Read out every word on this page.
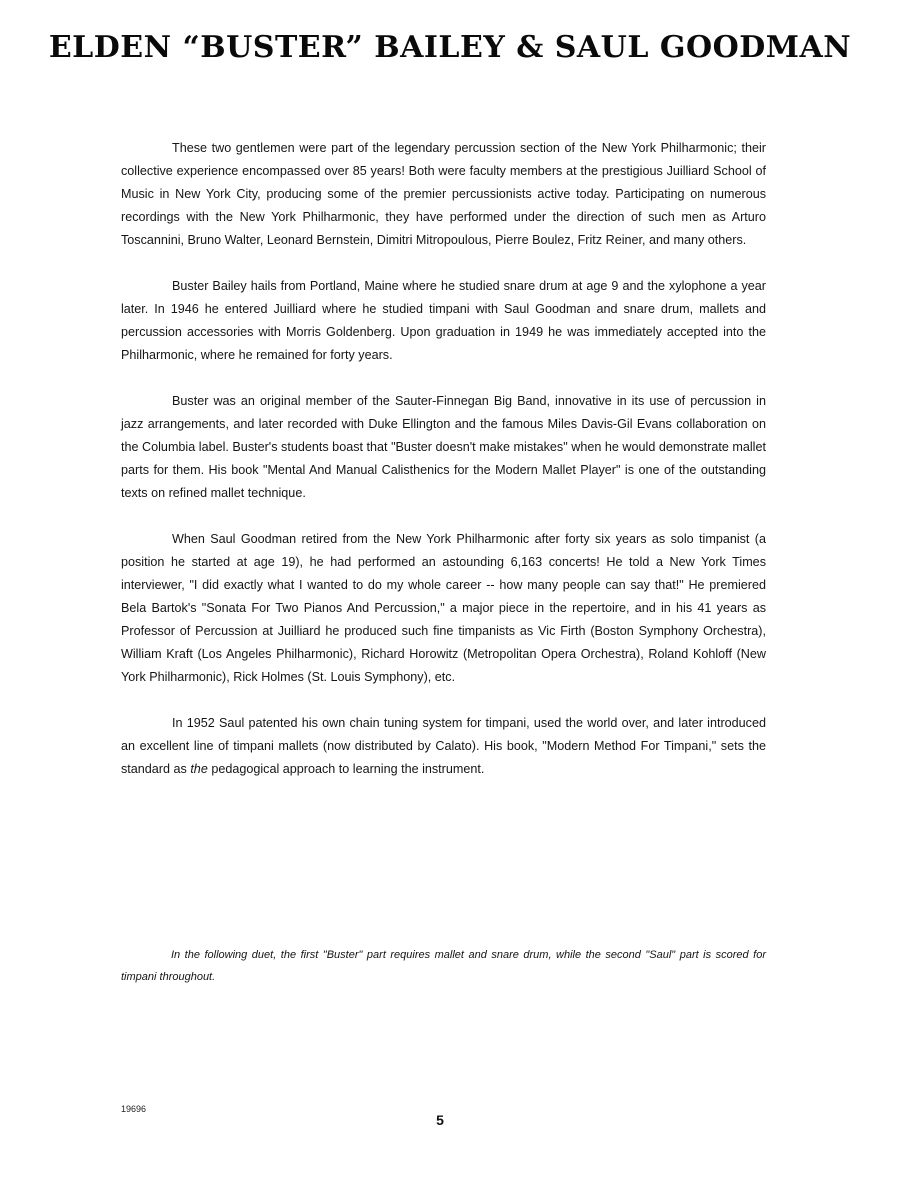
ELDEN “BUSTER” BAILEY & SAUL GOODMAN

These two gentlemen were part of the legendary percussion section of the New York Philharmonic; their collective experience encompassed over 85 years! Both were faculty members at the prestigious Juilliard School of Music in New York City, producing some of the premier percussionists active today. Participating on numerous recordings with the New York Philharmonic, they have performed under the direction of such men as Arturo Toscannini, Bruno Walter, Leonard Bernstein, Dimitri Mitropoulous, Pierre Boulez, Fritz Reiner, and many others.

Buster Bailey hails from Portland, Maine where he studied snare drum at age 9 and the xylophone a year later. In 1946 he entered Juilliard where he studied timpani with Saul Goodman and snare drum, mallets and percussion accessories with Morris Goldenberg. Upon graduation in 1949 he was immediately accepted into the Philharmonic, where he remained for forty years.

Buster was an original member of the Sauter-Finnegan Big Band, innovative in its use of percussion in jazz arrangements, and later recorded with Duke Ellington and the famous Miles Davis-Gil Evans collaboration on the Columbia label. Buster's students boast that "Buster doesn't make mistakes" when he would demonstrate mallet parts for them. His book "Mental And Manual Calisthenics for the Modern Mallet Player" is one of the outstanding texts on refined mallet technique.

When Saul Goodman retired from the New York Philharmonic after forty six years as solo timpanist (a position he started at age 19), he had performed an astounding 6,163 concerts! He told a New York Times interviewer, "I did exactly what I wanted to do my whole career -- how many people can say that!" He premiered Bela Bartok's "Sonata For Two Pianos And Percussion," a major piece in the repertoire, and in his 41 years as Professor of Percussion at Juilliard he produced such fine timpanists as Vic Firth (Boston Symphony Orchestra), William Kraft (Los Angeles Philharmonic), Richard Horowitz (Metropolitan Opera Orchestra), Roland Kohloff (New York Philharmonic), Rick Holmes (St. Louis Symphony), etc.

In 1952 Saul patented his own chain tuning system for timpani, used the world over, and later introduced an excellent line of timpani mallets (now distributed by Calato). His book, "Modern Method For Timpani," sets the standard as the pedagogical approach to learning the instrument.

In the following duet, the first "Buster" part requires mallet and snare drum, while the second "Saul" part is scored for timpani throughout.

19696
5
